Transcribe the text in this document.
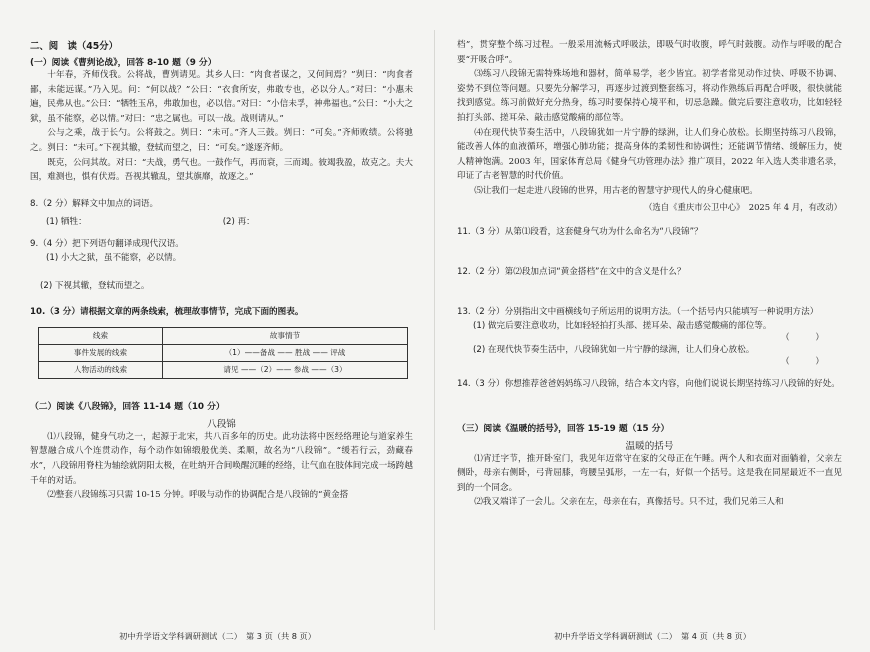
二、阅　读（45分）

(一）阅读《曹刿论战》，回答 8-10 题（9 分）

十年春，齐师伐我。公将战，曹刿请见。其乡人曰：“肉食者谋之，又何间焉？”刿曰：“肉食者鄙，未能远谋。”乃入见。问：“何以战？”公曰：“衣食所安，弗敢专也，必以分人。”对曰：“小惠未遍，民弗从也。”公曰：“牺牲玉帛，弗敢加也，必以信。”对曰：“小信未孚，神弗福也。”公曰：“小大之狱，虽不能察，必以情。”对曰：“忠之属也。可以一战。战则请从。”

公与之乘，战于长勺。公将鼓之。刿曰：“未可。”齐人三鼓。刿曰：“可矣。”齐师败绩。公将驰之。刿曰：“未可。”下视其辙，登轼而望之，曰：“可矣。”遂逐齐师。

既克，公问其故。对曰：“夫战，勇气也。一鼓作气，再而衰，三而竭。彼竭我盈，故克之。夫大国，难测也，惧有伏焉。吾视其辙乱，望其旗靡，故逐之。”

8.（2 分）解释文中加点的词语。

(1) 牺牲：	(2) 再：

9.（4 分）把下列语句翻译成现代汉语。

(1) 小大之狱，虽不能察，必以情。

(2) 下视其辙，登轼而望之。

10.（3 分）请根据文章的两条线索，梳理故事情节，完成下面的图表。

线索	故事情节
事件发展的线索	（1）——备战 —— 胜战 —— 评战
人物活动的线索	请见 ——（2）—— 参战 ——（3）

（二）阅读《八段锦》，回答 11-14 题（10 分）

八段锦

⑴八段锦，健身气功之一，起源于北宋，共八百多年的历史。此功法将中医经络理论与道家养生智慧融合成八个连贯动作，每个动作如锦缎般优美、柔顺，故名为“八段锦”。“缓若行云，劲藏春水”，八段锦用脊柱为轴绘就阴阳太极，在吐纳开合间唤醒沉睡的经络，让气血在肢体间完成一场跨越千年的对话。

⑵整套八段锦练习只需 10-15 分钟。呼吸与动作的协调配合是八段锦的“黄金搭

初中升学语文学科调研测试（二）　第 3 页（共 8 页）

档”，贯穿整个练习过程。一般采用流畅式呼吸法，即吸气时收腹，呼气时鼓腹。动作与呼吸的配合要“开吸合呼”。

⑶练习八段锦无需特殊场地和器材，简单易学，老少皆宜。初学者常见动作过快、呼吸不协调、姿势不到位等问题。只要先分解学习，再逐步过渡到整套练习，将动作熟练后再配合呼吸，很快就能找到感觉。练习前做好充分热身，练习时要保持心境平和，切忌急躁。做完后要注意收功，比如轻轻拍打头部、搓耳朵、敲击感觉酸痛的部位等。

⑷在现代快节奏生活中，八段锦犹如一片宁静的绿洲，让人们身心放松。长期坚持练习八段锦，能改善人体的血液循环，增强心肺功能；提高身体的柔韧性和协调性；还能调节情绪、缓解压力，使人精神饱满。2003 年，国家体育总局《健身气功管理办法》推广项目，2022 年入选人类非遗名录，印证了古老智慧的时代价值。

⑸让我们一起走进八段锦的世界，用古老的智慧守护现代人的身心健康吧。

（选自《重庆市公卫中心》　2025 年 4 月，有改动）

11.（3 分）从第⑴段看，这套健身气功为什么命名为“八段锦”？

12.（2 分）第⑵段加点词“黄金搭档”在文中的含义是什么？

13.（2 分）分别指出文中画横线句子所运用的说明方法。（一个括号内只能填写一种说明方法）

(1) 做完后要注意收功，比如轻轻拍打头部、搓耳朵、敲击感觉酸痛的部位等。

（　　　）

(2) 在现代快节奏生活中，八段锦犹如一片宁静的绿洲，让人们身心放松。

（　　　）

14.（3 分）你想推荐爸爸妈妈练习八段锦，结合本文内容，向他们说说长期坚持练习八段锦的好处。

（三）阅读《温暖的括号》，回答 15-19 题（15 分）

温暖的括号

⑴宵迁字节，推开卧室门，我见年迈常守在家的父母正在午睡。两个人和衣面对面躺着，父亲左侧卧，母亲右侧卧，弓背屈膝，弯腰呈弧形，一左一右，好似一个括号。这是我在同屋最近不一直见到的一个同念。

⑵我又端详了一会儿。父亲在左，母亲在右，真像括号。只不过，我们兄弟三人和

初中升学语文学科调研测试（二）　第 4 页（共 8 页）
